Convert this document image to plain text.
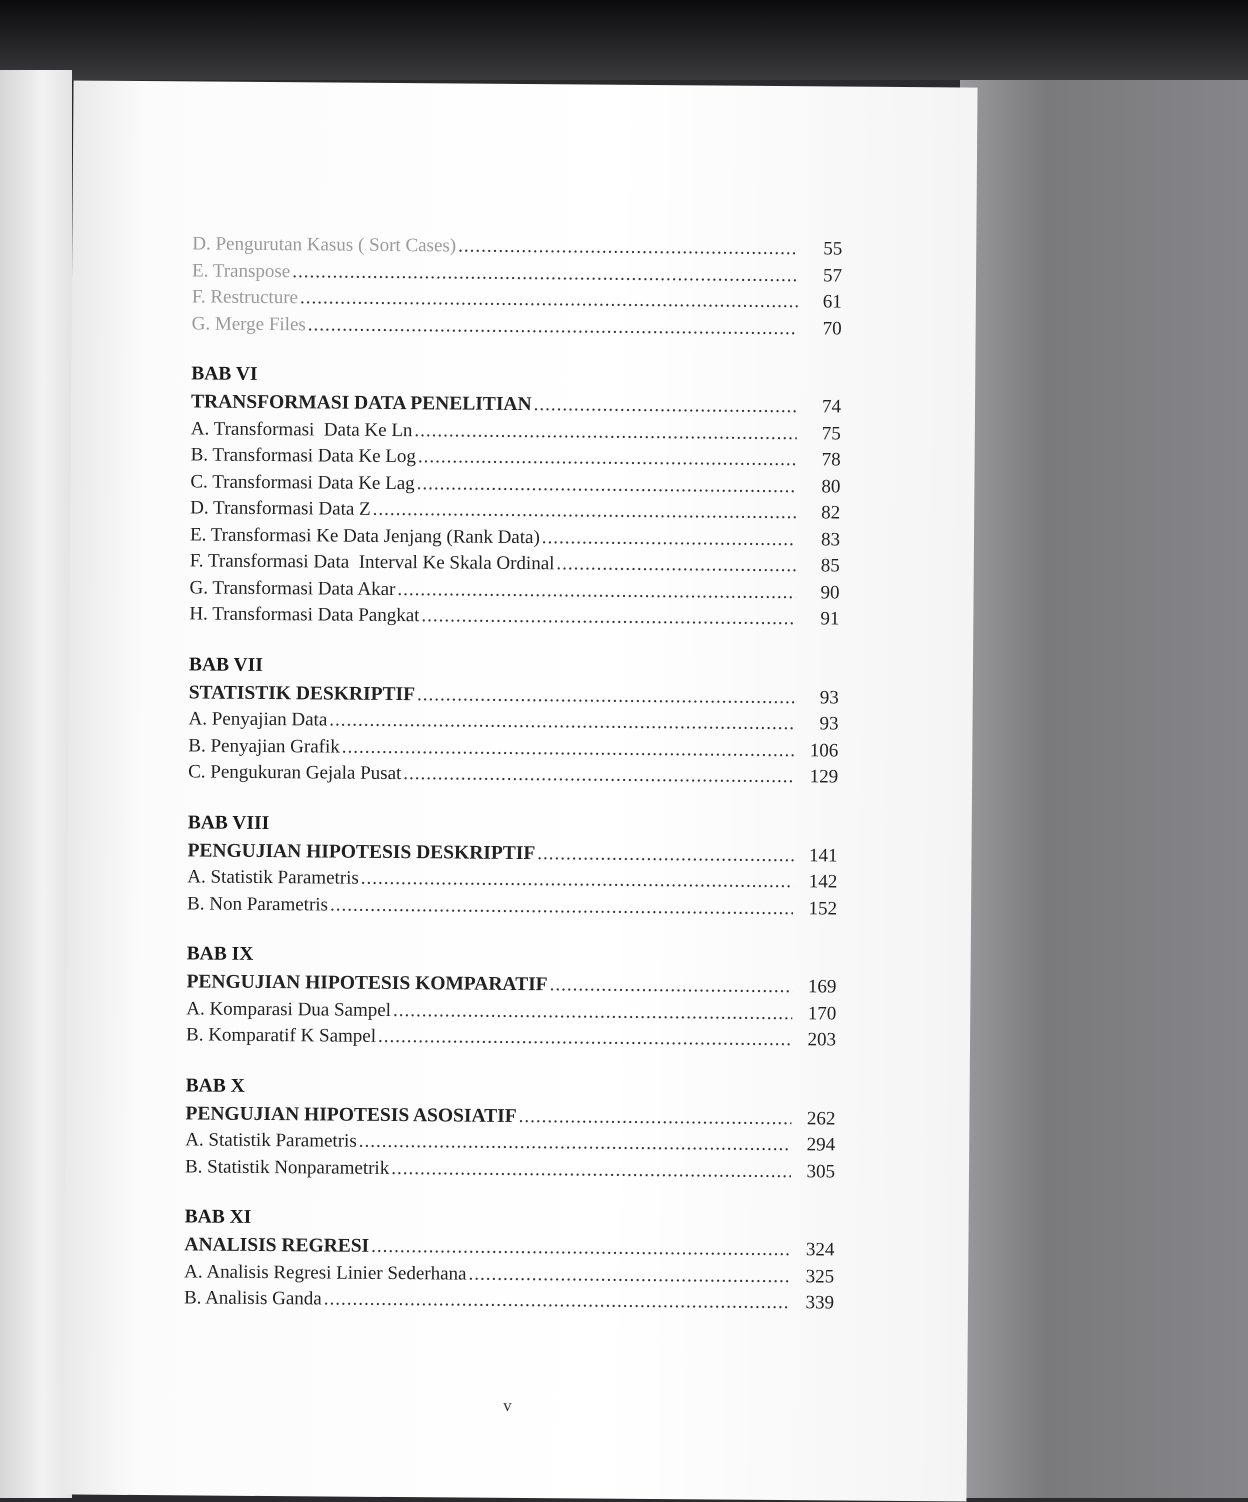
D. Pengurutan Kasus ( Sort Cases) .....	55
E. Transpose .....	57
F. Restructure .....	61
G. Merge Files .....	70
BAB VI
TRANSFORMASI DATA PENELITIAN .....	74
A. Transformasi  Data Ke Ln .....	75
B. Transformasi Data Ke Log .....	78
C. Transformasi Data Ke Lag .....	80
D. Transformasi Data Z .....	82
E. Transformasi Ke Data Jenjang (Rank Data) .....	83
F. Transformasi Data  Interval Ke Skala Ordinal .....	85
G. Transformasi Data Akar .....	90
H. Transformasi Data Pangkat .....	91
BAB VII
STATISTIK DESKRIPTIF .....	93
A. Penyajian Data .....	93
B. Penyajian Grafik .....	106
C. Pengukuran Gejala Pusat .....	129
BAB VIII
PENGUJIAN HIPOTESIS DESKRIPTIF .....	141
A. Statistik Parametris .....	142
B. Non Parametris .....	152
BAB IX
PENGUJIAN HIPOTESIS KOMPARATIF .....	169
A. Komparasi Dua Sampel .....	170
B. Komparatif K Sampel .....	203
BAB X
PENGUJIAN HIPOTESIS ASOSIATIF .....	262
A. Statistik Parametris .....	294
B. Statistik Nonparametrik .....	305
BAB XI
ANALISIS REGRESI .....	324
A. Analisis Regresi Linier Sederhana .....	325
B. Analisis Ganda .....	339
v
